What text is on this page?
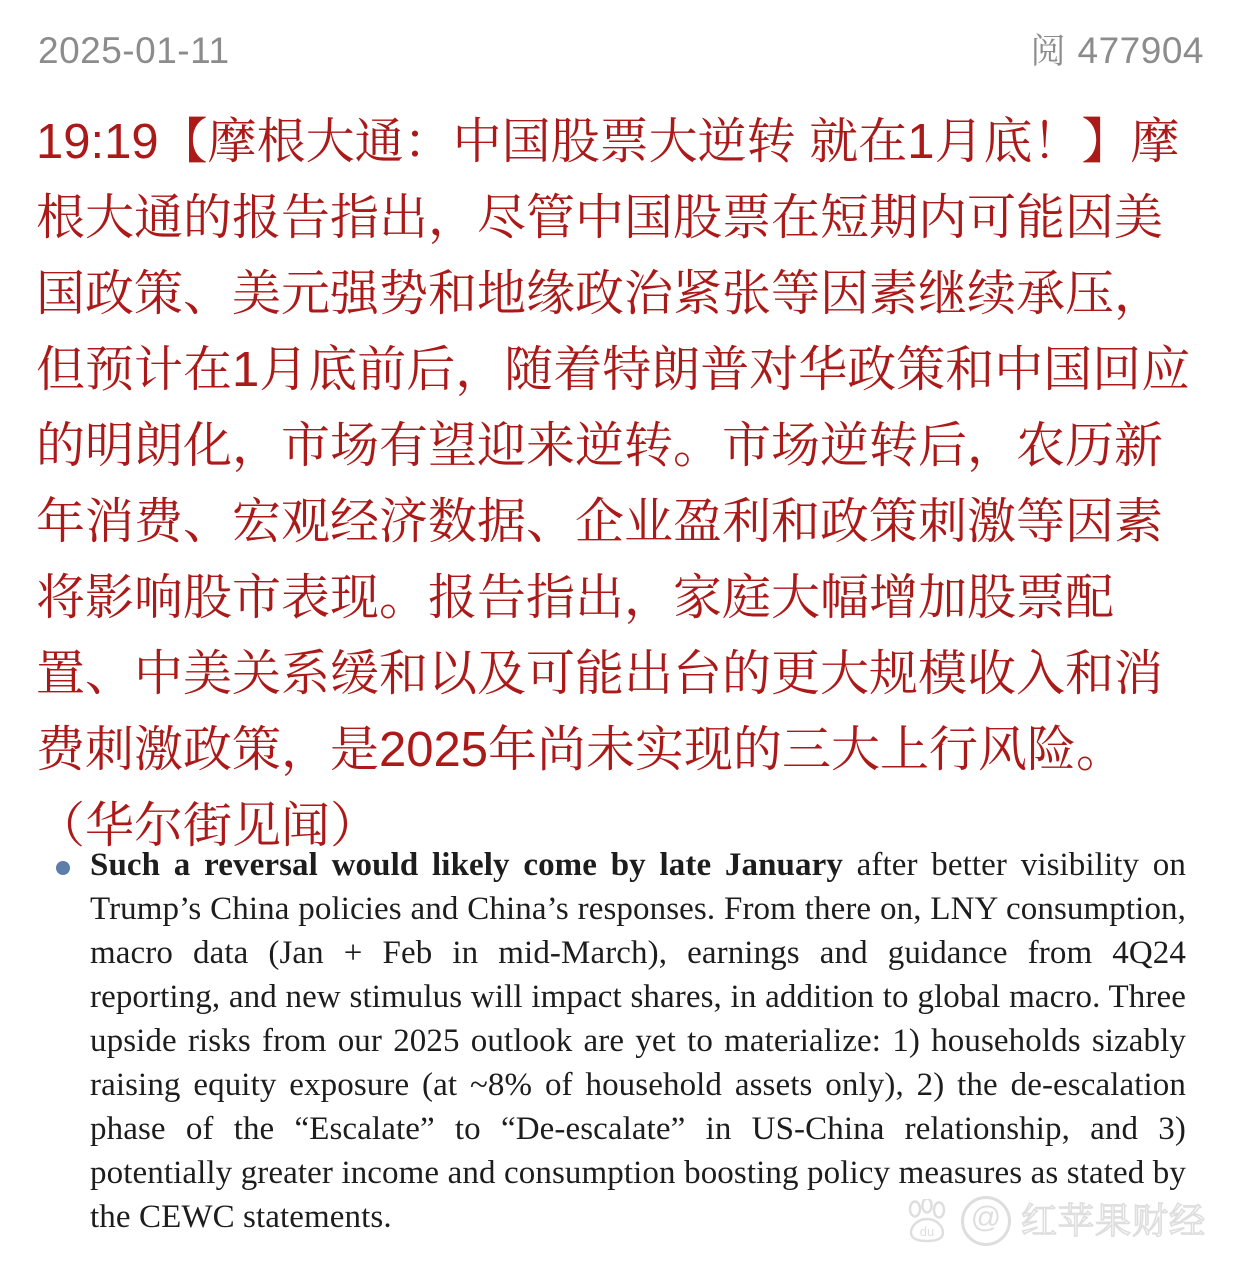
2025-01-11	阅 477904
19:19【摩根大通：中国股票大逆转 就在1月底！】摩根大通的报告指出，尽管中国股票在短期内可能因美国政策、美元强势和地缘政治紧张等因素继续承压，但预计在1月底前后，随着特朗普对华政策和中国回应的明朗化，市场有望迎来逆转。市场逆转后，农历新年消费、宏观经济数据、企业盈利和政策刺激等因素将影响股市表现。报告指出，家庭大幅增加股票配置、中美关系缓和以及可能出台的更大规模收入和消费刺激政策，是2025年尚未实现的三大上行风险。
（华尔街见闻）
Such a reversal would likely come by late January after better visibility on Trump’s China policies and China’s responses. From there on, LNY consumption, macro data (Jan + Feb in mid-March), earnings and guidance from 4Q24 reporting, and new stimulus will impact shares, in addition to global macro. Three upside risks from our 2025 outlook are yet to materialize: 1) households sizably raising equity exposure (at ~8% of household assets only), 2) the de-escalation phase of the “Escalate” to “De-escalate” in US-China relationship, and 3) potentially greater income and consumption boosting policy measures as stated by the CEWC statements.	du	@ 红苹果财经
